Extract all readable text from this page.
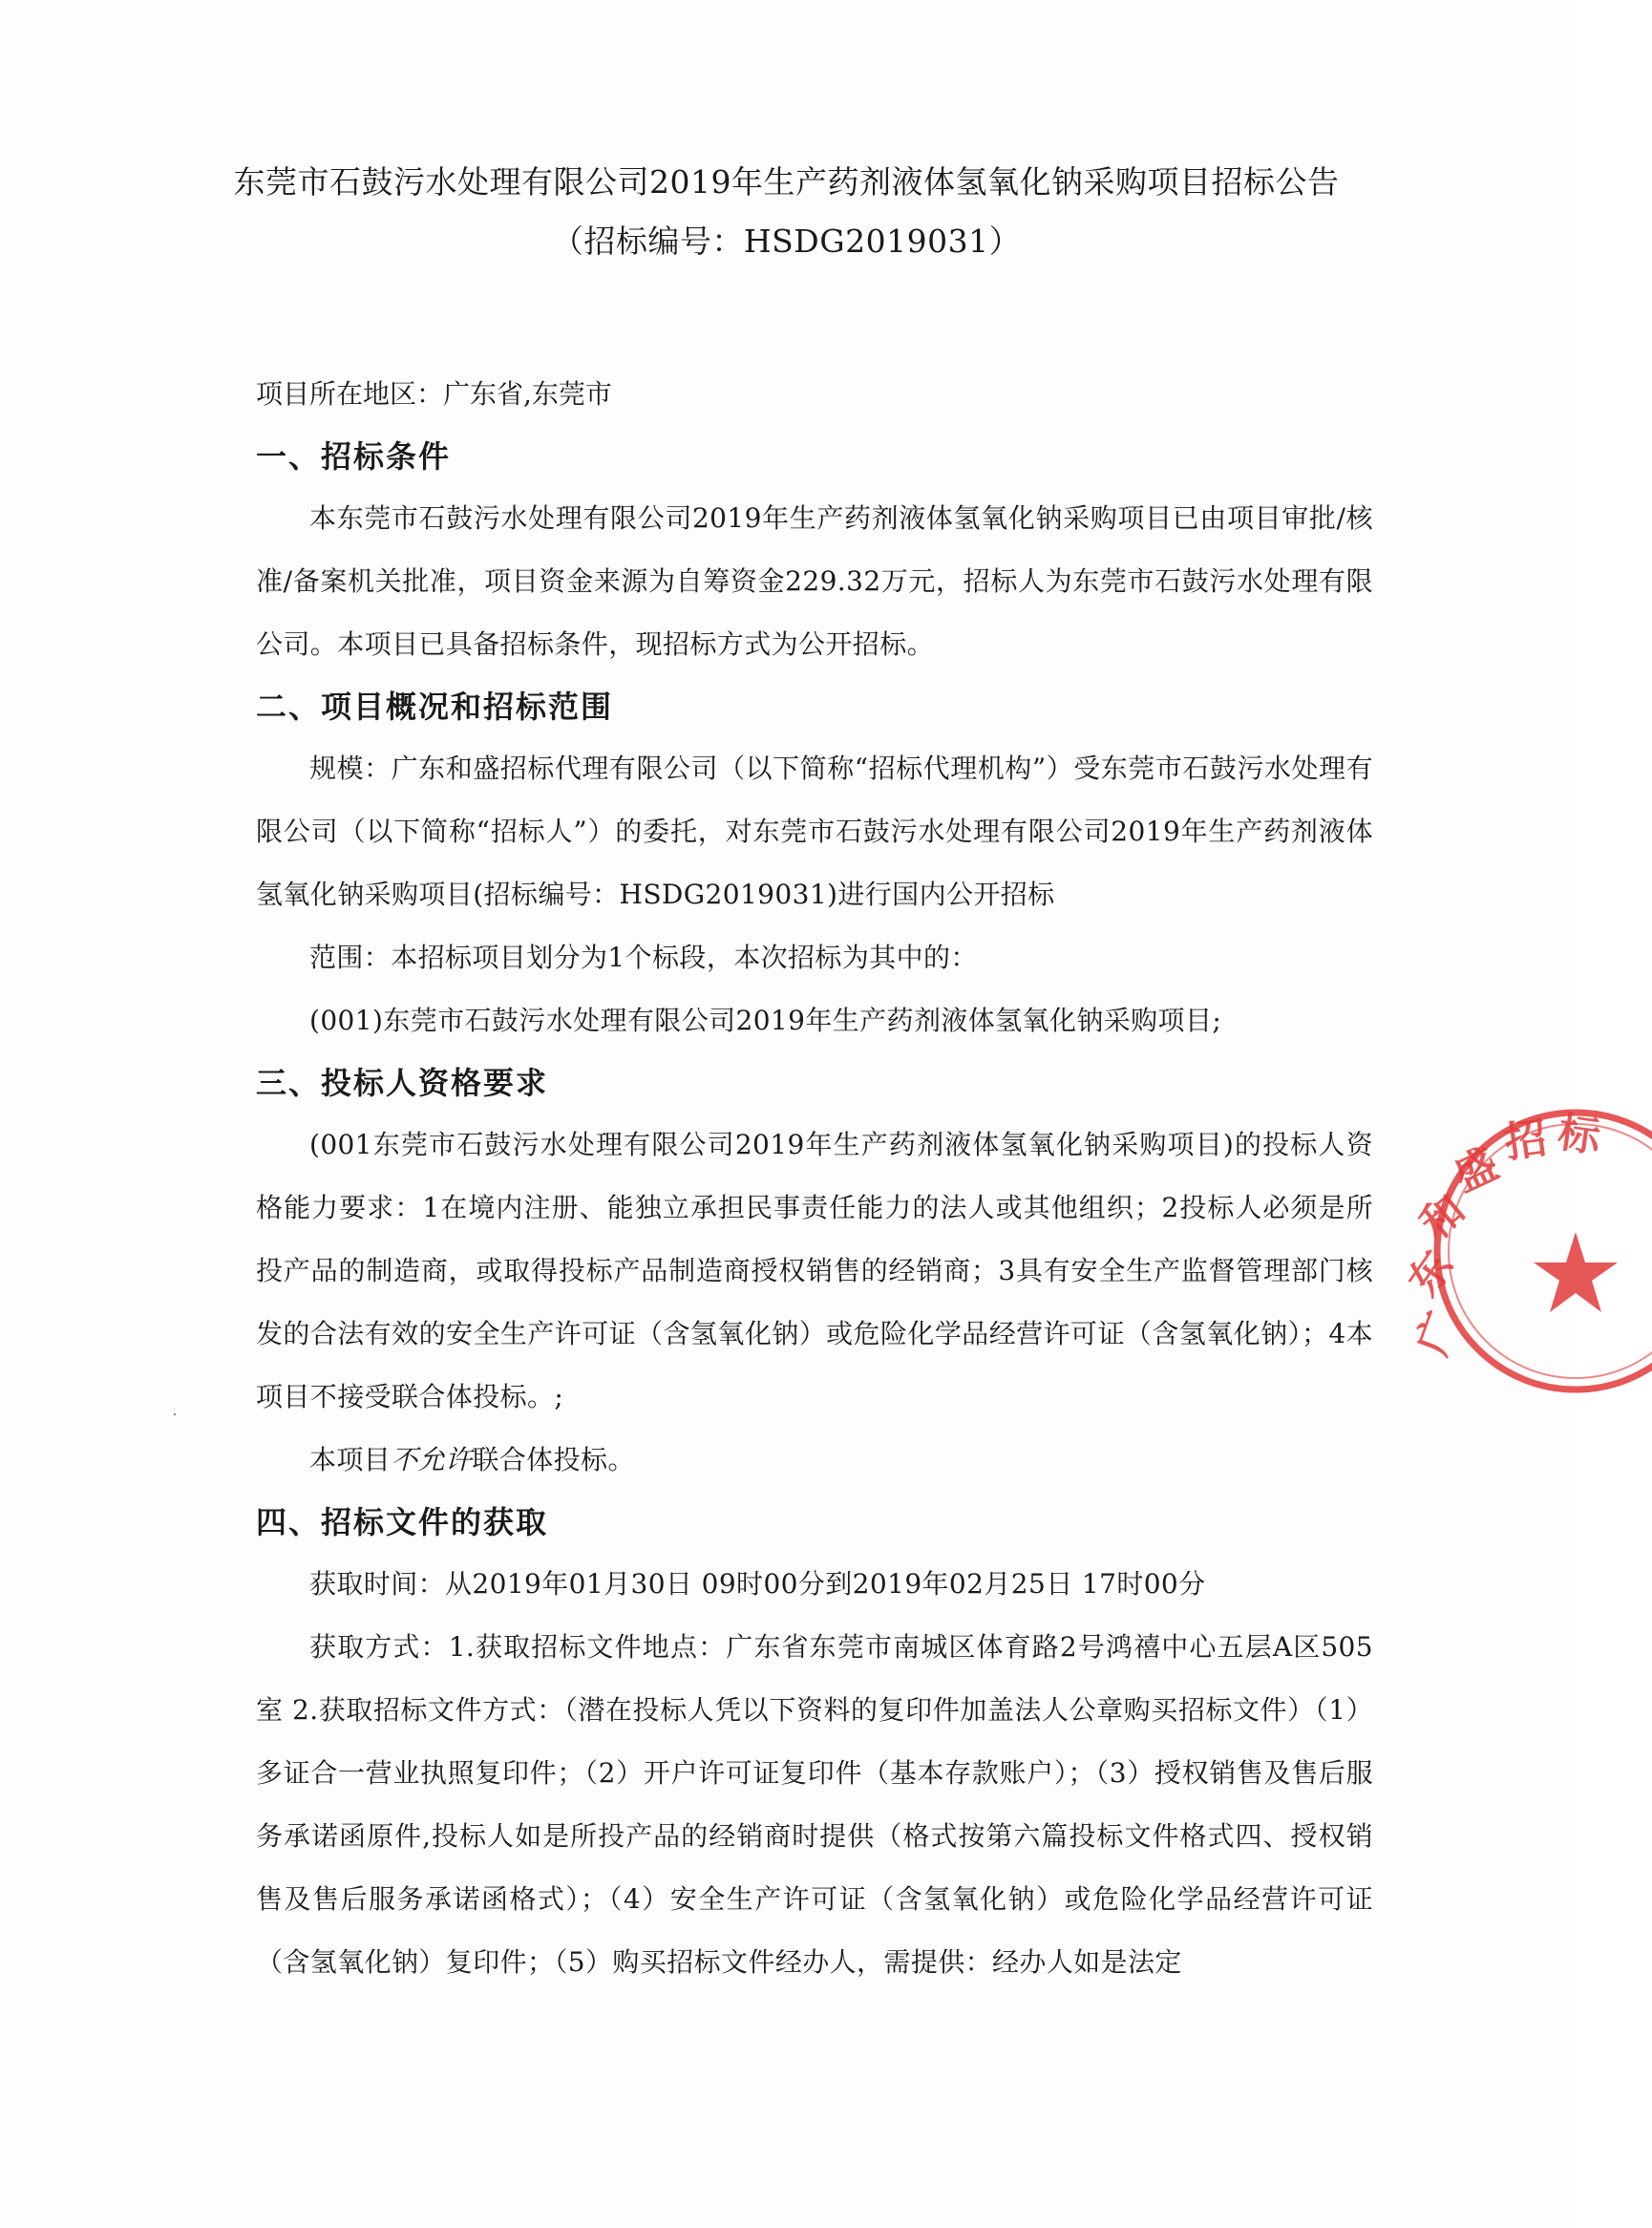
东莞市石鼓污水处理有限公司2019年生产药剂液体氢氧化钠采购项目招标公告
（招标编号：HSDG2019031）
项目所在地区：广东省,东莞市
一、招标条件

本东莞市石鼓污水处理有限公司2019年生产药剂液体氢氧化钠采购项目已由项目审批/核准/备案机关批准，项目资金来源为自筹资金229.32万元，招标人为东莞市石鼓污水处理有限公司。本项目已具备招标条件，现招标方式为公开招标。

二、项目概况和招标范围

规模：广东和盛招标代理有限公司（以下简称“招标代理机构”）受东莞市石鼓污水处理有限公司（以下简称“招标人”）的委托，对东莞市石鼓污水处理有限公司2019年生产药剂液体氢氧化钠采购项目(招标编号：HSDG2019031)进行国内公开招标

范围：本招标项目划分为1个标段，本次招标为其中的：

(001)东莞市石鼓污水处理有限公司2019年生产药剂液体氢氧化钠采购项目;

三、投标人资格要求

(001东莞市石鼓污水处理有限公司2019年生产药剂液体氢氧化钠采购项目)的投标人资格能力要求：1在境内注册、能独立承担民事责任能力的法人或其他组织；2投标人必须是所投产品的制造商，或取得投标产品制造商授权销售的经销商；3具有安全生产监督管理部门核发的合法有效的安全生产许可证（含氢氧化钠）或危险化学品经营许可证（含氢氧化钠）；4本项目不接受联合体投标。;

本项目不允许联合体投标。

四、招标文件的获取

获取时间：从2019年01月30日 09时00分到2019年02月25日 17时00分

获取方式：1.获取招标文件地点：广东省东莞市南城区体育路2号鸿禧中心五层A区505室 2.获取招标文件方式：（潜在投标人凭以下资料的复印件加盖法人公章购买招标文件）（1）多证合一营业执照复印件；（2）开户许可证复印件（基本存款账户）；（3）授权销售及售后服务承诺函原件,投标人如是所投产品的经销商时提供（格式按第六篇投标文件格式四、授权销售及售后服务承诺函格式）；（4）安全生产许可证（含氢氧化钠）或危险化学品经营许可证（含氢氧化钠）复印件；（5）购买招标文件经办人，需提供：经办人如是法定

广
东
和
盛
招 标
